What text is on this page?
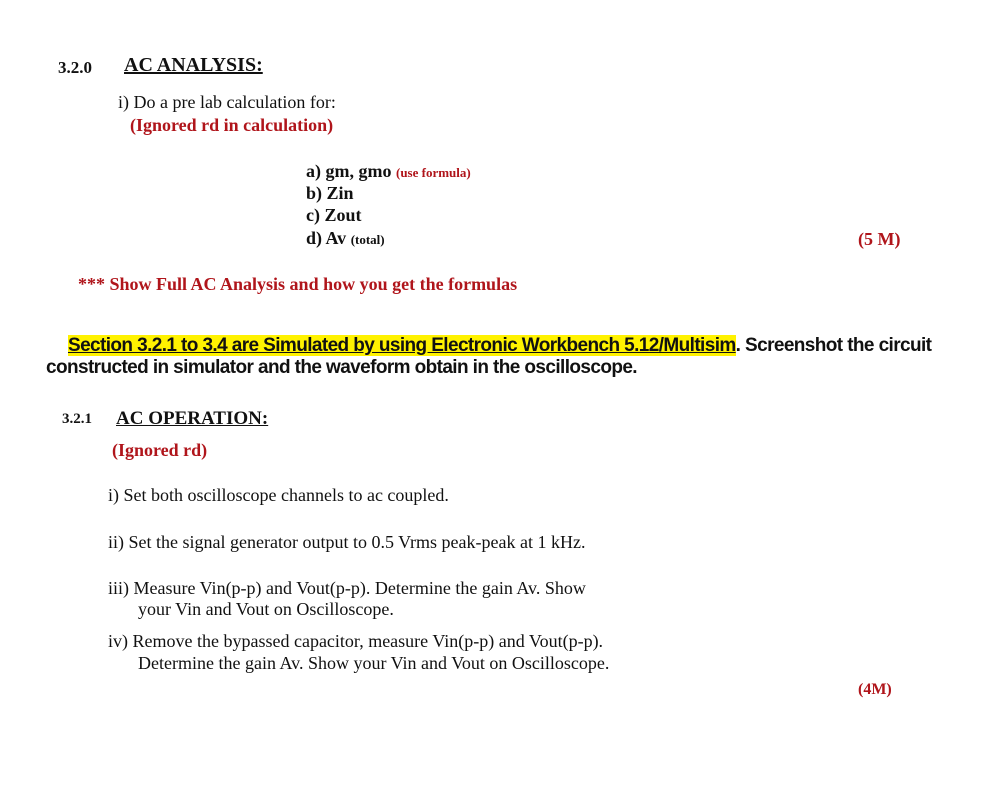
3.2.0 AC ANALYSIS:
i) Do a pre lab calculation for:
(Ignored rd in calculation)
a) gm, gmo (use formula)
b) Zin
c) Zout
d) Av (total)	(5 M)
*** Show Full AC Analysis and how you get the formulas
Section 3.2.1 to 3.4 are Simulated by using Electronic Workbench 5.12/Multisim. Screenshot the circuit
constructed in simulator and the waveform obtain in the oscilloscope.
3.2.1 AC OPERATION:
(Ignored rd)
i) Set both oscilloscope channels to ac coupled.
ii) Set the signal generator output to 0.5 Vrms peak-peak at 1 kHz.
iii) Measure Vin(p-p) and Vout(p-p). Determine the gain Av. Show
your Vin and Vout on Oscilloscope.
iv) Remove the bypassed capacitor, measure Vin(p-p) and Vout(p-p).
Determine the gain Av. Show your Vin and Vout on Oscilloscope.
(4M)
